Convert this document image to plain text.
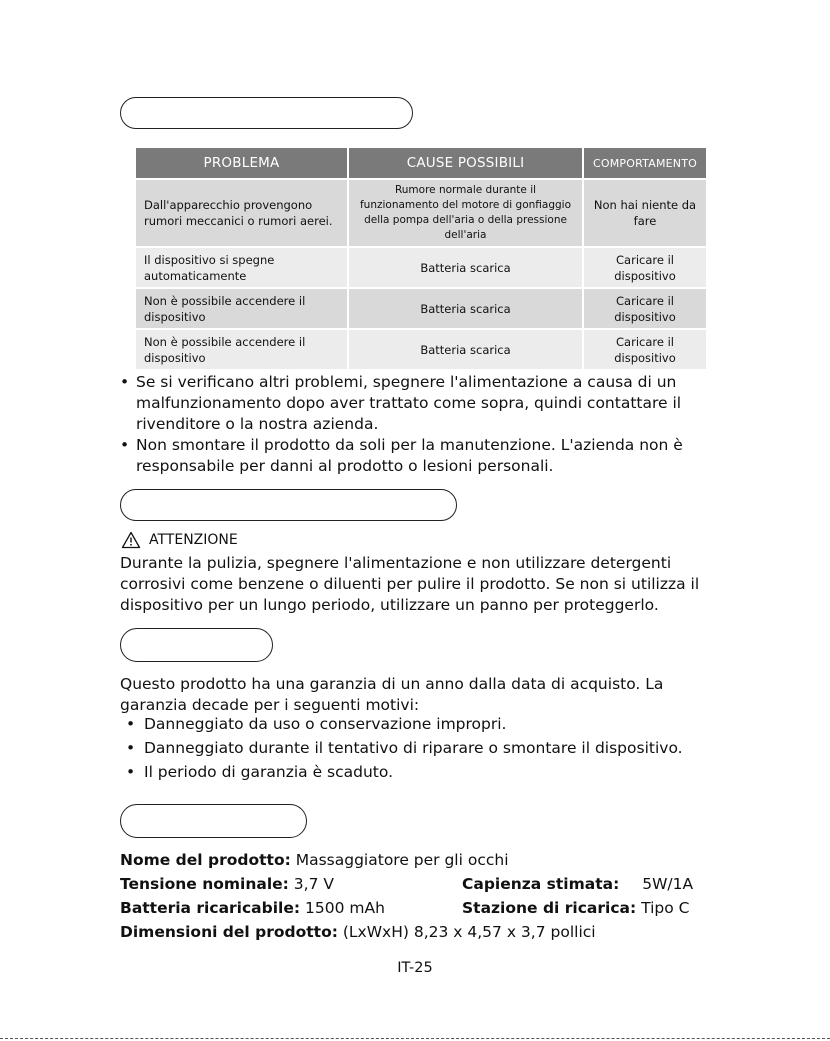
PROBLEMA	CAUSE POSSIBILI	COMPORTAMENTO
Dall'apparecchio provengono rumori meccanici o rumori aerei.	Rumore normale durante il funzionamento del motore di gonfiaggio della pompa dell'aria o della pressione dell'aria	Non hai niente da fare
Il dispositivo si spegne automaticamente	Batteria scarica	Caricare il dispositivo
Non è possibile accendere il dispositivo	Batteria scarica	Caricare il dispositivo
Non è possibile accendere il dispositivo	Batteria scarica	Caricare il dispositivo
• Se si verificano altri problemi, spegnere l'alimentazione a causa di un malfunzionamento dopo aver trattato come sopra, quindi contattare il rivenditore o la nostra azienda.
• Non smontare il prodotto da soli per la manutenzione. L'azienda non è responsabile per danni al prodotto o lesioni personali.
ATTENZIONE
Durante la pulizia, spegnere l'alimentazione e non utilizzare detergenti corrosivi come benzene o diluenti per pulire il prodotto. Se non si utilizza il dispositivo per un lungo periodo, utilizzare un panno per proteggerlo.
Questo prodotto ha una garanzia di un anno dalla data di acquisto. La garanzia decade per i seguenti motivi:
• Danneggiato da uso o conservazione impropri.
• Danneggiato durante il tentativo di riparare o smontare il dispositivo.
• Il periodo di garanzia è scaduto.
Nome del prodotto: Massaggiatore per gli occhi
Tensione nominale: 3,7 V	Capienza stimata: 5W/1A
Batteria ricaricabile: 1500 mAh	Stazione di ricarica: Tipo C
Dimensioni del prodotto: (LxWxH) 8,23 x 4,57 x 3,7 pollici
IT-25
